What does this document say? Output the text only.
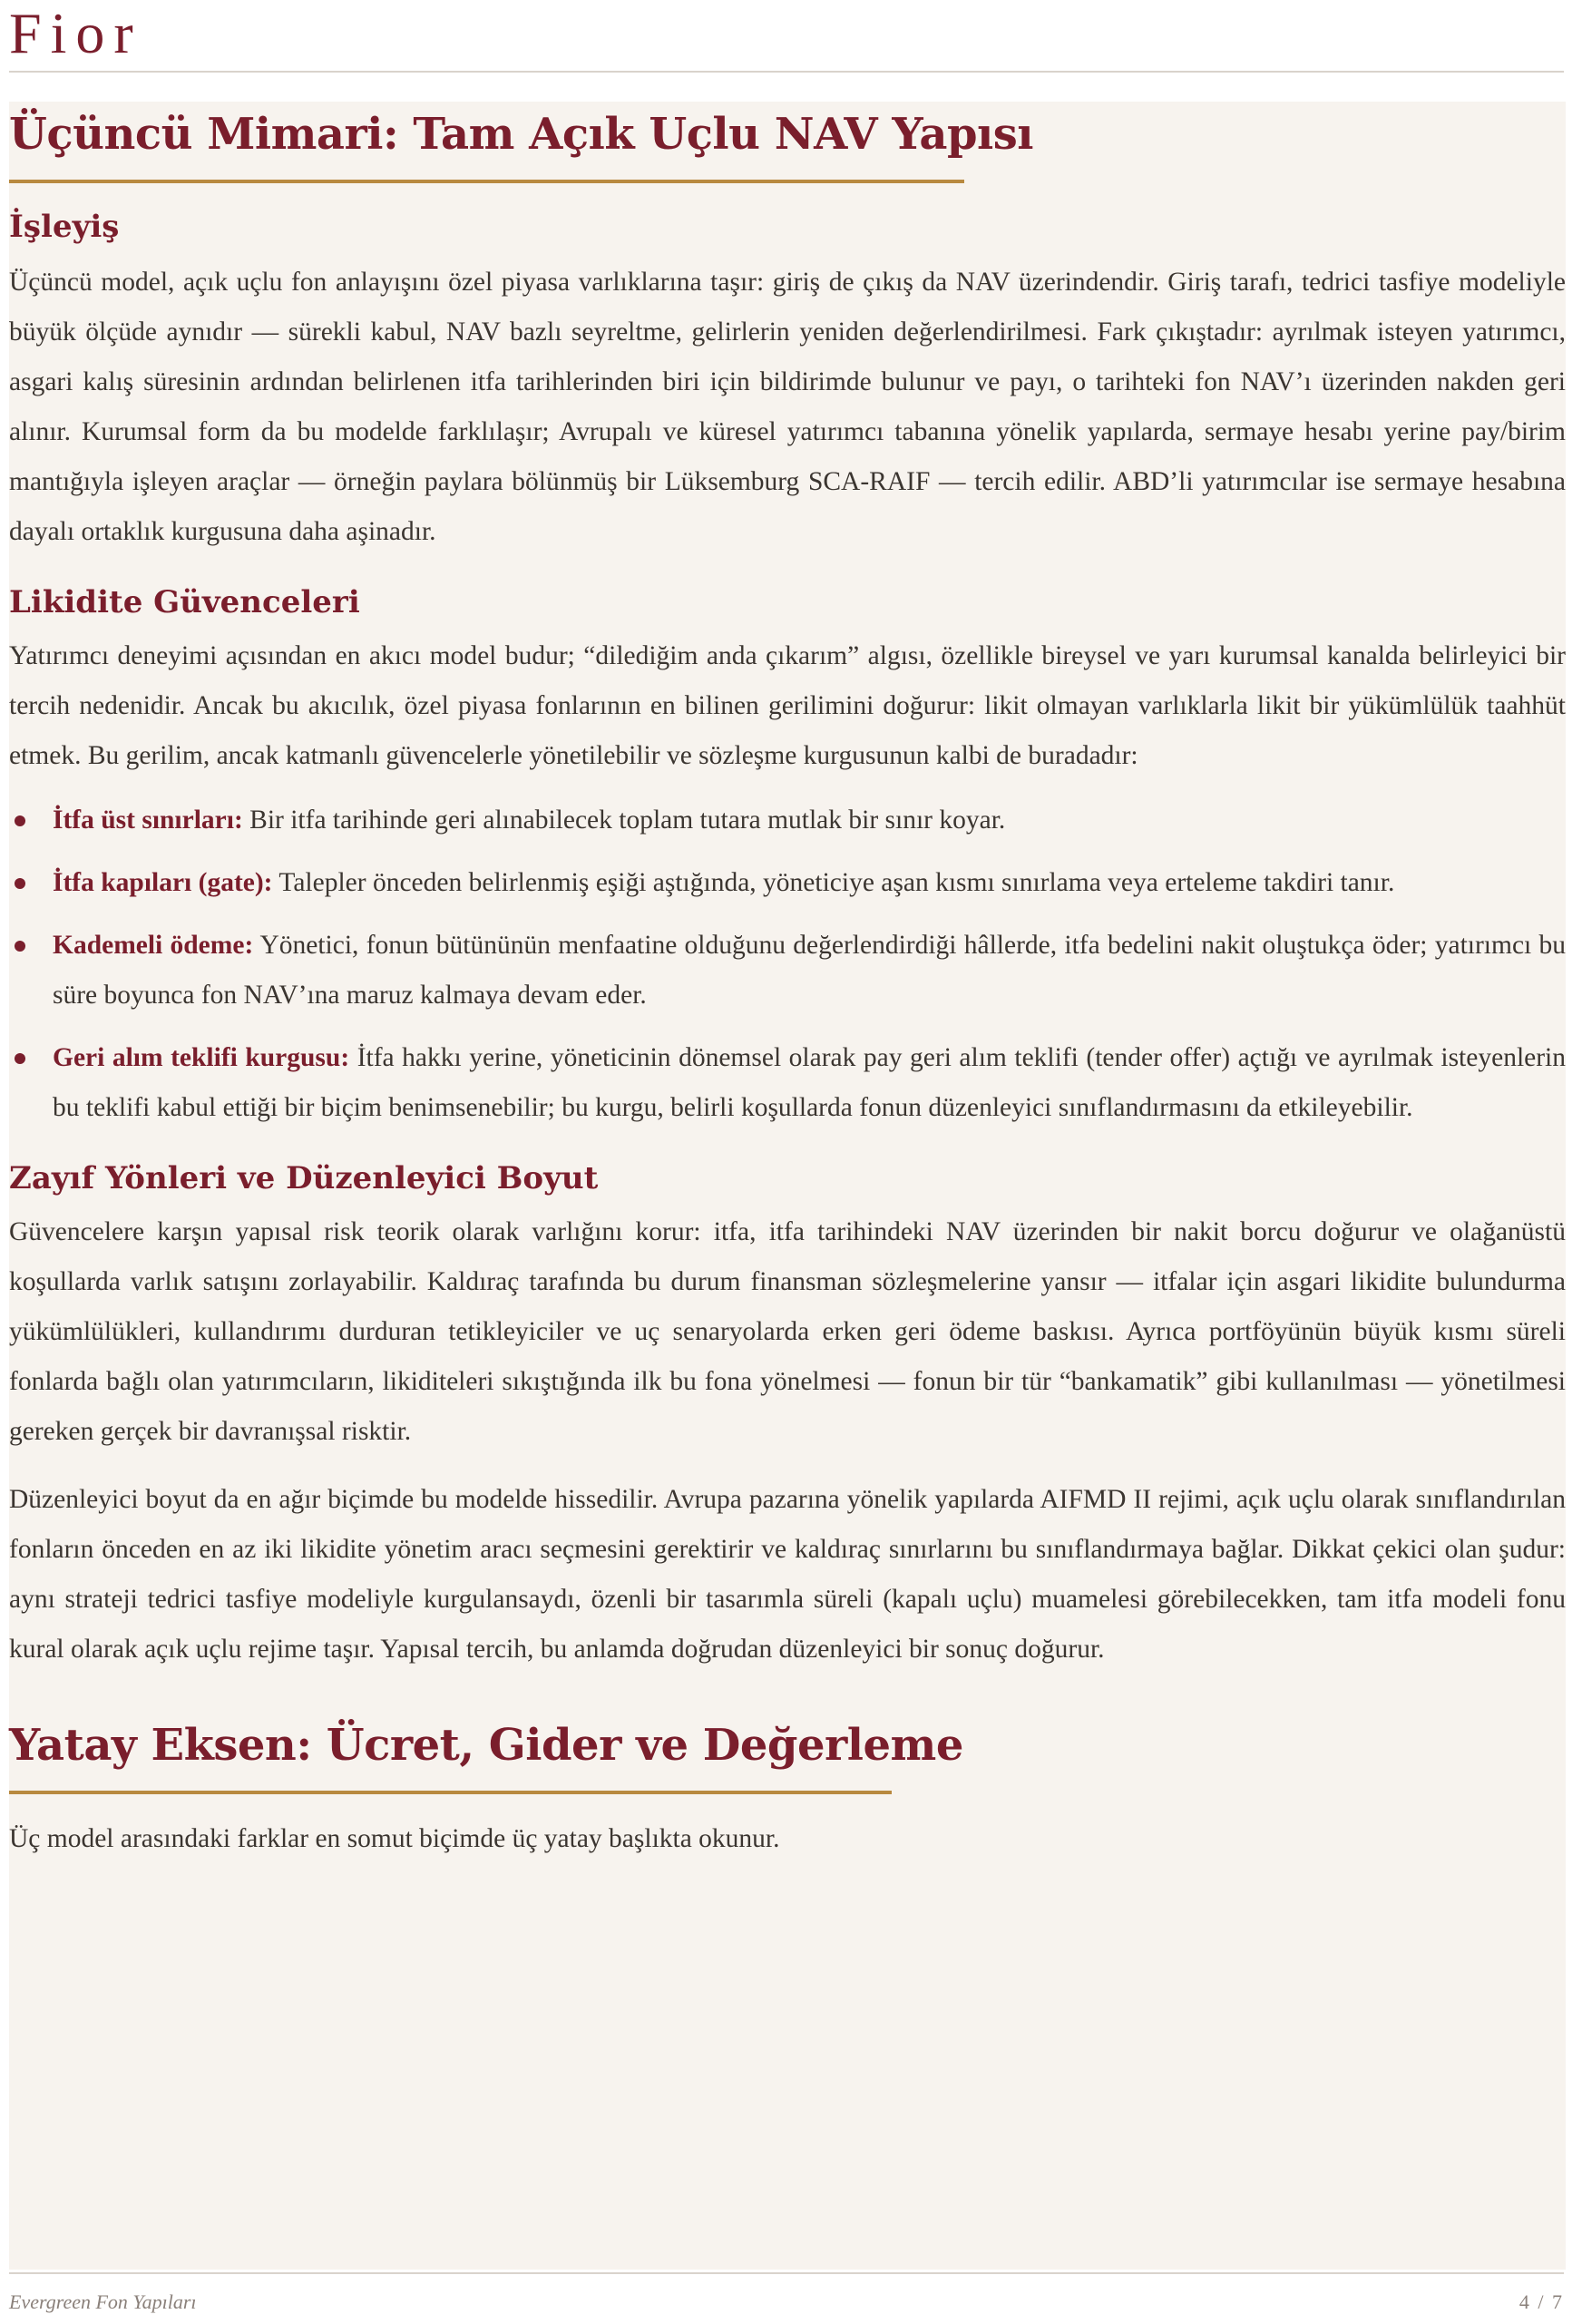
Fior
Üçüncü Mimari: Tam Açık Uçlu NAV Yapısı
İşleyiş

Üçüncü model, açık uçlu fon anlayışını özel piyasa varlıklarına taşır: giriş de çıkış da NAV üzerindendir. Giriş tarafı, tedrici tasfiye modeliyle büyük ölçüde aynıdır — sürekli kabul, NAV bazlı seyreltme, gelirlerin yeniden değerlendirilmesi. Fark çıkıştadır: ayrılmak isteyen yatırımcı, asgari kalış süresinin ardından belirlenen itfa tarihlerinden biri için bildirimde bulunur ve payı, o tarihteki fon NAV’ı üzerinden nakden geri alınır. Kurumsal form da bu modelde farklılaşır; Avrupalı ve küresel yatırımcı tabanına yönelik yapılarda, sermaye hesabı yerine pay/birim mantığıyla işleyen araçlar — örneğin paylara bölünmüş bir Lüksemburg SCA-RAIF — tercih edilir. ABD’li yatırımcılar ise sermaye hesabına dayalı ortaklık kurgusuna daha aşinadır.

Likidite Güvenceleri

Yatırımcı deneyimi açısından en akıcı model budur; “dilediğim anda çıkarım” algısı, özellikle bireysel ve yarı kurumsal kanalda belirleyici bir tercih nedenidir. Ancak bu akıcılık, özel piyasa fonlarının en bilinen gerilimini doğurur: likit olmayan varlıklarla likit bir yükümlülük taahhüt etmek. Bu gerilim, ancak katmanlı güvencelerle yönetilebilir ve sözleşme kurgusunun kalbi de buradadır:

İtfa üst sınırları: Bir itfa tarihinde geri alınabilecek toplam tutara mutlak bir sınır koyar.
İtfa kapıları (gate): Talepler önceden belirlenmiş eşiği aştığında, yöneticiye aşan kısmı sınırlama veya erteleme takdiri tanır.
Kademeli ödeme: Yönetici, fonun bütününün menfaatine olduğunu değerlendirdiği hâllerde, itfa bedelini nakit oluştukça öder; yatırımcı bu süre boyunca fon NAV’ına maruz kalmaya devam eder.
Geri alım teklifi kurgusu: İtfa hakkı yerine, yöneticinin dönemsel olarak pay geri alım teklifi (tender offer) açtığı ve ayrılmak isteyenlerin bu teklifi kabul ettiği bir biçim benimsenebilir; bu kurgu, belirli koşullarda fonun düzenleyici sınıflandırmasını da etkileyebilir.
Zayıf Yönleri ve Düzenleyici Boyut

Güvencelere karşın yapısal risk teorik olarak varlığını korur: itfa, itfa tarihindeki NAV üzerinden bir nakit borcu doğurur ve olağanüstü koşullarda varlık satışını zorlayabilir. Kaldıraç tarafında bu durum finansman sözleşmelerine yansır — itfalar için asgari likidite bulundurma yükümlülükleri, kullandırımı durduran tetikleyiciler ve uç senaryolarda erken geri ödeme baskısı. Ayrıca portföyünün büyük kısmı süreli fonlarda bağlı olan yatırımcıların, likiditeleri sıkıştığında ilk bu fona yönelmesi — fonun bir tür “bankamatik” gibi kullanılması — yönetilmesi gereken gerçek bir davranışsal risktir.

Düzenleyici boyut da en ağır biçimde bu modelde hissedilir. Avrupa pazarına yönelik yapılarda AIFMD II rejimi, açık uçlu olarak sınıflandırılan fonların önceden en az iki likidite yönetim aracı seçmesini gerektirir ve kaldıraç sınırlarını bu sınıflandırmaya bağlar. Dikkat çekici olan şudur: aynı strateji tedrici tasfiye modeliyle kurgulansaydı, özenli bir tasarımla süreli (kapalı uçlu) muamelesi görebilecekken, tam itfa modeli fonu kural olarak açık uçlu rejime taşır. Yapısal tercih, bu anlamda doğrudan düzenleyici bir sonuç doğurur.

Yatay Eksen: Ücret, Gider ve Değerleme

Üç model arasındaki farklar en somut biçimde üç yatay başlıkta okunur.

Evergreen Fon Yapıları	4 / 7
